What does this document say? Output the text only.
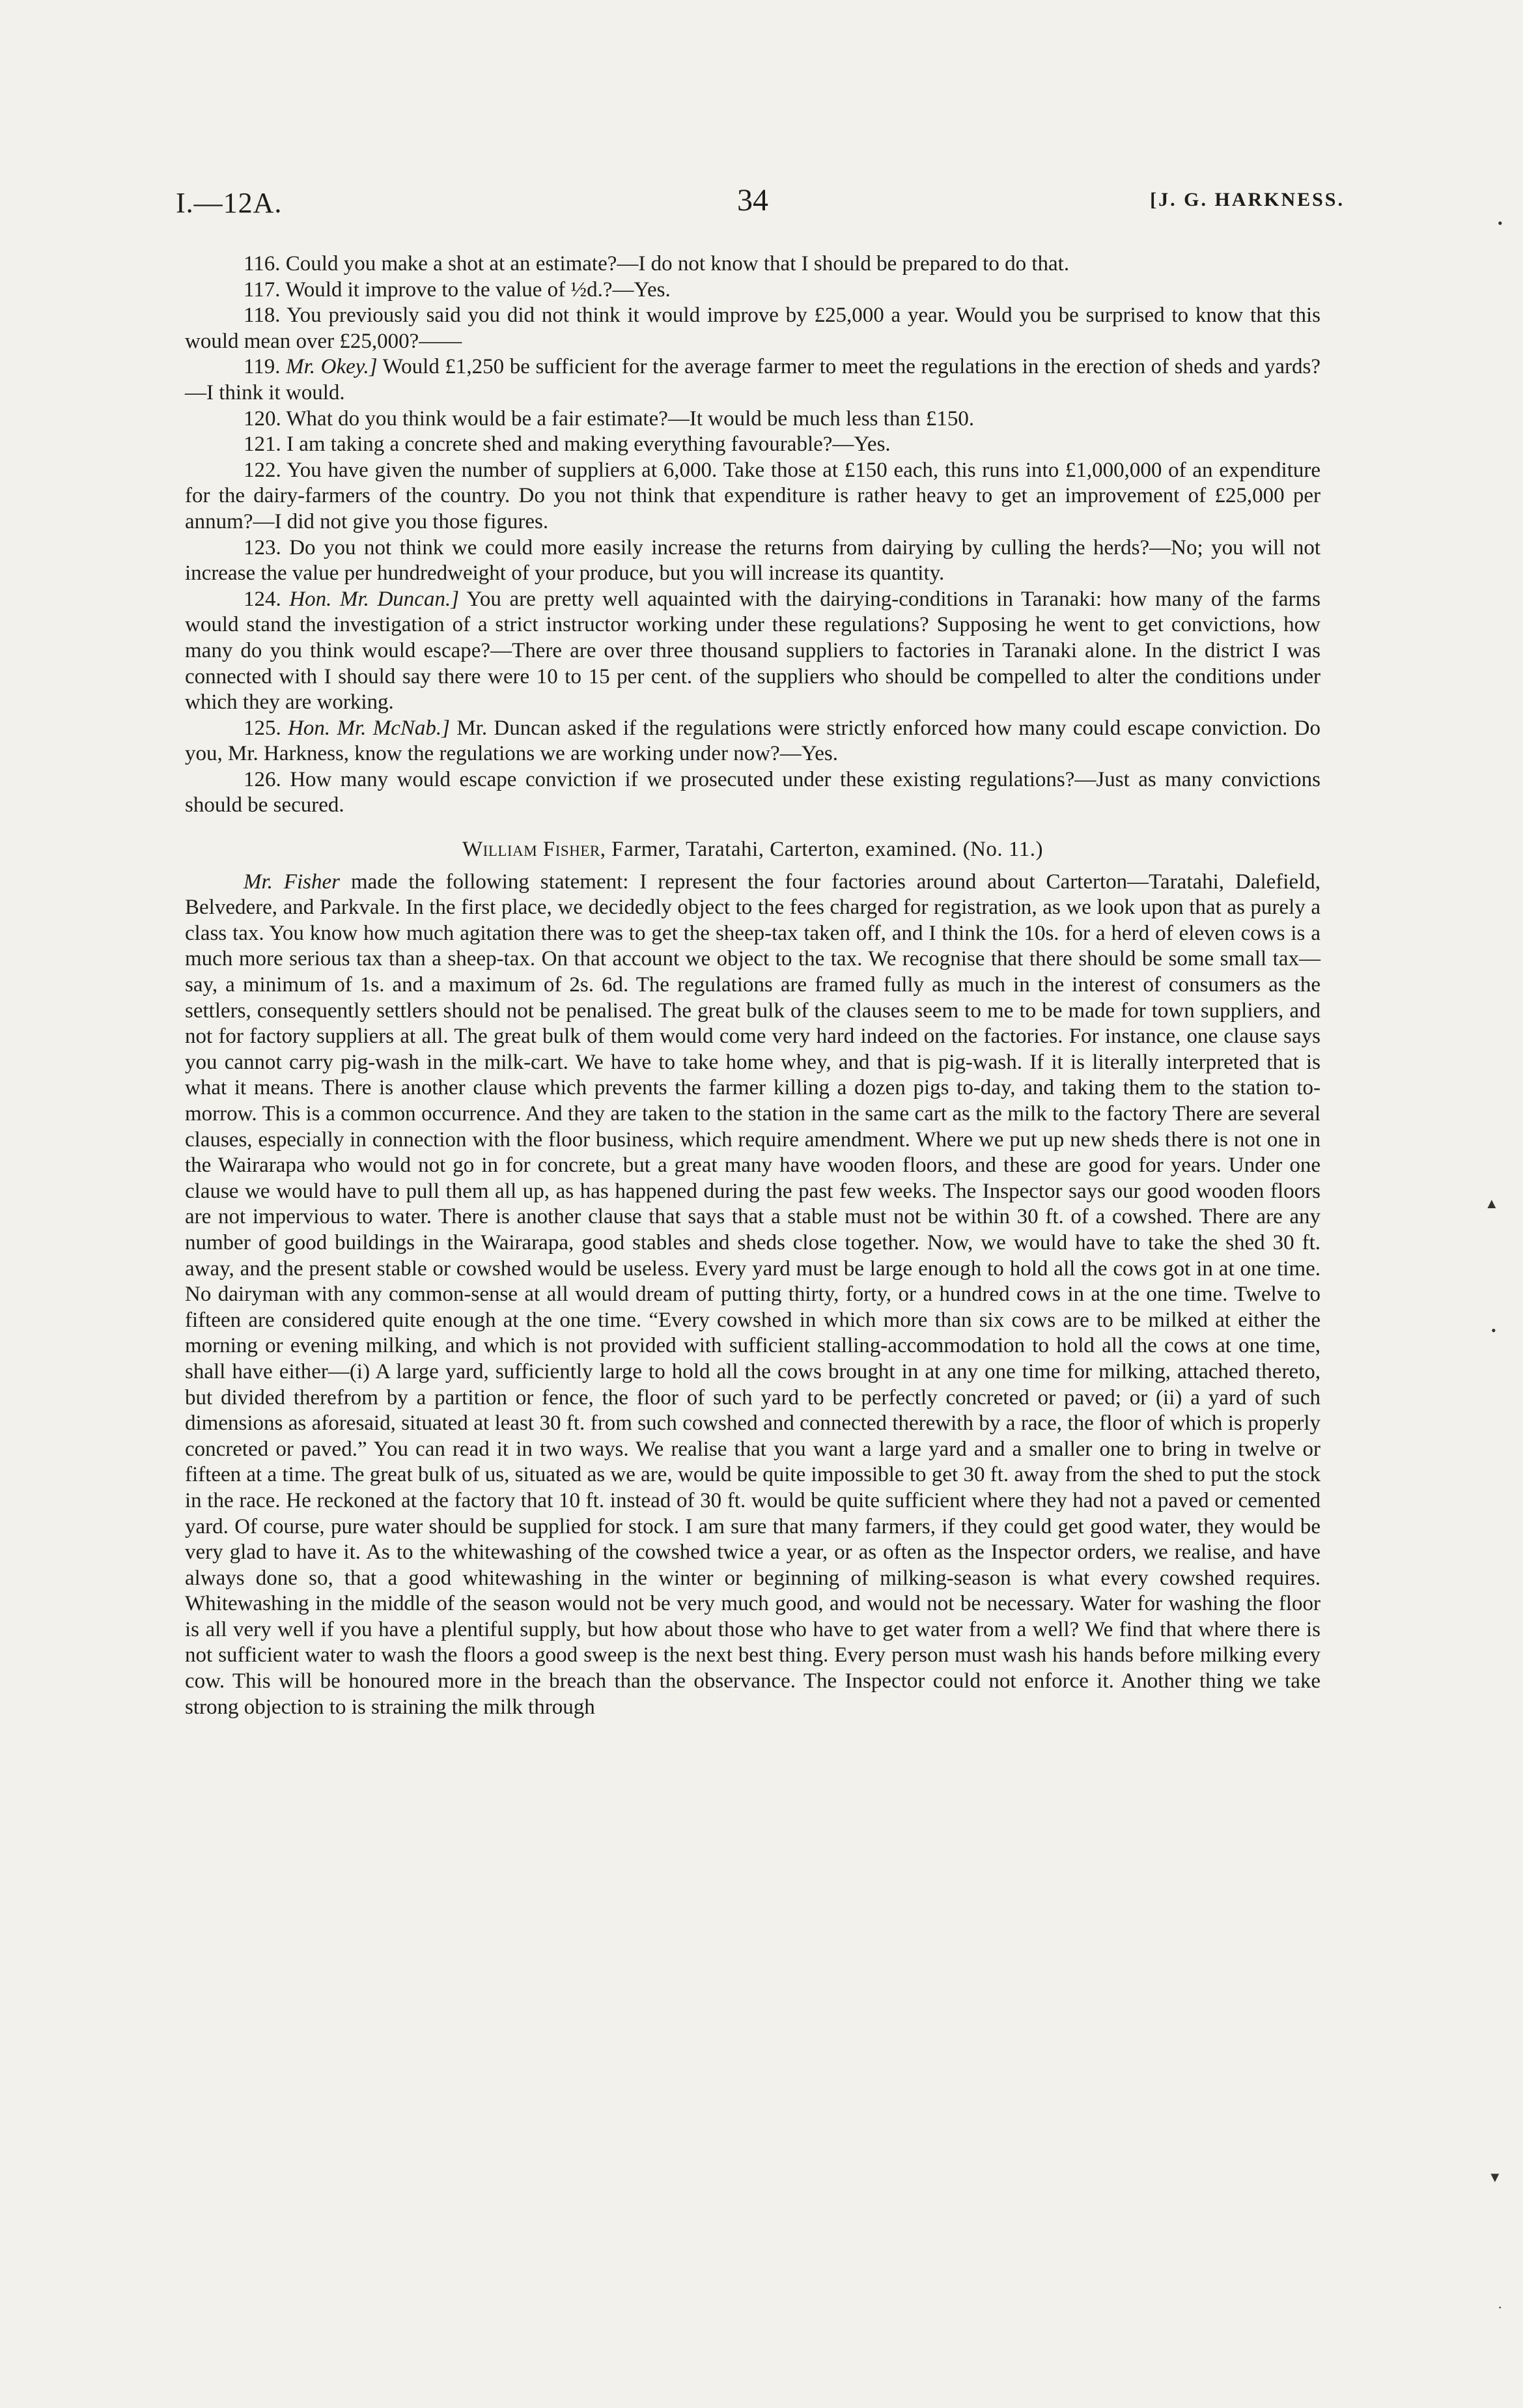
I.—12A.	34	[J. G. HARKNESS.

116. Could you make a shot at an estimate?—I do not know that I should be prepared to do that.

117. Would it improve to the value of ½d.?—Yes.

118. You previously said you did not think it would improve by £25,000 a year. Would you be surprised to know that this would mean over £25,000?——

119. Mr. Okey.] Would £1,250 be sufficient for the average farmer to meet the regulations in the erection of sheds and yards?—I think it would.

120. What do you think would be a fair estimate?—It would be much less than £150.

121. I am taking a concrete shed and making everything favourable?—Yes.

122. You have given the number of suppliers at 6,000. Take those at £150 each, this runs into £1,000,000 of an expenditure for the dairy-farmers of the country. Do you not think that expenditure is rather heavy to get an improvement of £25,000 per annum?—I did not give you those figures.

123. Do you not think we could more easily increase the returns from dairying by culling the herds?—No; you will not increase the value per hundredweight of your produce, but you will increase its quantity.

124. Hon. Mr. Duncan.] You are pretty well aquainted with the dairying-conditions in Taranaki: how many of the farms would stand the investigation of a strict instructor working under these regulations? Supposing he went to get convictions, how many do you think would escape?—There are over three thousand suppliers to factories in Taranaki alone. In the district I was connected with I should say there were 10 to 15 per cent. of the suppliers who should be compelled to alter the conditions under which they are working.

125. Hon. Mr. McNab.] Mr. Duncan asked if the regulations were strictly enforced how many could escape conviction. Do you, Mr. Harkness, know the regulations we are working under now?—Yes.

126. How many would escape conviction if we prosecuted under these existing regulations?—Just as many convictions should be secured.

William Fisher, Farmer, Taratahi, Carterton, examined. (No. 11.)

Mr. Fisher made the following statement: I represent the four factories around about Carterton—Taratahi, Dalefield, Belvedere, and Parkvale. In the first place, we decidedly object to the fees charged for registration, as we look upon that as purely a class tax. You know how much agitation there was to get the sheep-tax taken off, and I think the 10s. for a herd of eleven cows is a much more serious tax than a sheep-tax. On that account we object to the tax. We recognise that there should be some small tax—say, a minimum of 1s. and a maximum of 2s. 6d. The regulations are framed fully as much in the interest of consumers as the settlers, consequently settlers should not be penalised. The great bulk of the clauses seem to me to be made for town suppliers, and not for factory suppliers at all. The great bulk of them would come very hard indeed on the factories. For instance, one clause says you cannot carry pig-wash in the milk-cart. We have to take home whey, and that is pig-wash. If it is literally interpreted that is what it means. There is another clause which prevents the farmer killing a dozen pigs to-day, and taking them to the station to-morrow. This is a common occurrence. And they are taken to the station in the same cart as the milk to the factory There are several clauses, especially in connection with the floor business, which require amendment. Where we put up new sheds there is not one in the Wairarapa who would not go in for concrete, but a great many have wooden floors, and these are good for years. Under one clause we would have to pull them all up, as has happened during the past few weeks. The Inspector says our good wooden floors are not impervious to water. There is another clause that says that a stable must not be within 30 ft. of a cowshed. There are any number of good buildings in the Wairarapa, good stables and sheds close together. Now, we would have to take the shed 30 ft. away, and the present stable or cowshed would be useless. Every yard must be large enough to hold all the cows got in at one time. No dairyman with any common-sense at all would dream of putting thirty, forty, or a hundred cows in at the one time. Twelve to fifteen are considered quite enough at the one time. “Every cowshed in which more than six cows are to be milked at either the morning or evening milking, and which is not provided with sufficient stalling-accommodation to hold all the cows at one time, shall have either—(i) A large yard, sufficiently large to hold all the cows brought in at any one time for milking, attached thereto, but divided therefrom by a partition or fence, the floor of such yard to be perfectly concreted or paved; or (ii) a yard of such dimensions as aforesaid, situated at least 30 ft. from such cowshed and connected therewith by a race, the floor of which is properly concreted or paved.” You can read it in two ways. We realise that you want a large yard and a smaller one to bring in twelve or fifteen at a time. The great bulk of us, situated as we are, would be quite impossible to get 30 ft. away from the shed to put the stock in the race. He reckoned at the factory that 10 ft. instead of 30 ft. would be quite sufficient where they had not a paved or cemented yard. Of course, pure water should be supplied for stock. I am sure that many farmers, if they could get good water, they would be very glad to have it. As to the whitewashing of the cowshed twice a year, or as often as the Inspector orders, we realise, and have always done so, that a good whitewashing in the winter or beginning of milking-season is what every cowshed requires. Whitewashing in the middle of the season would not be very much good, and would not be necessary. Water for washing the floor is all very well if you have a plentiful supply, but how about those who have to get water from a well? We find that where there is not sufficient water to wash the floors a good sweep is the next best thing. Every person must wash his hands before milking every cow. This will be honoured more in the breach than the observance. The Inspector could not enforce it. Another thing we take strong objection to is straining the milk through

•
▲
•
▼
·
